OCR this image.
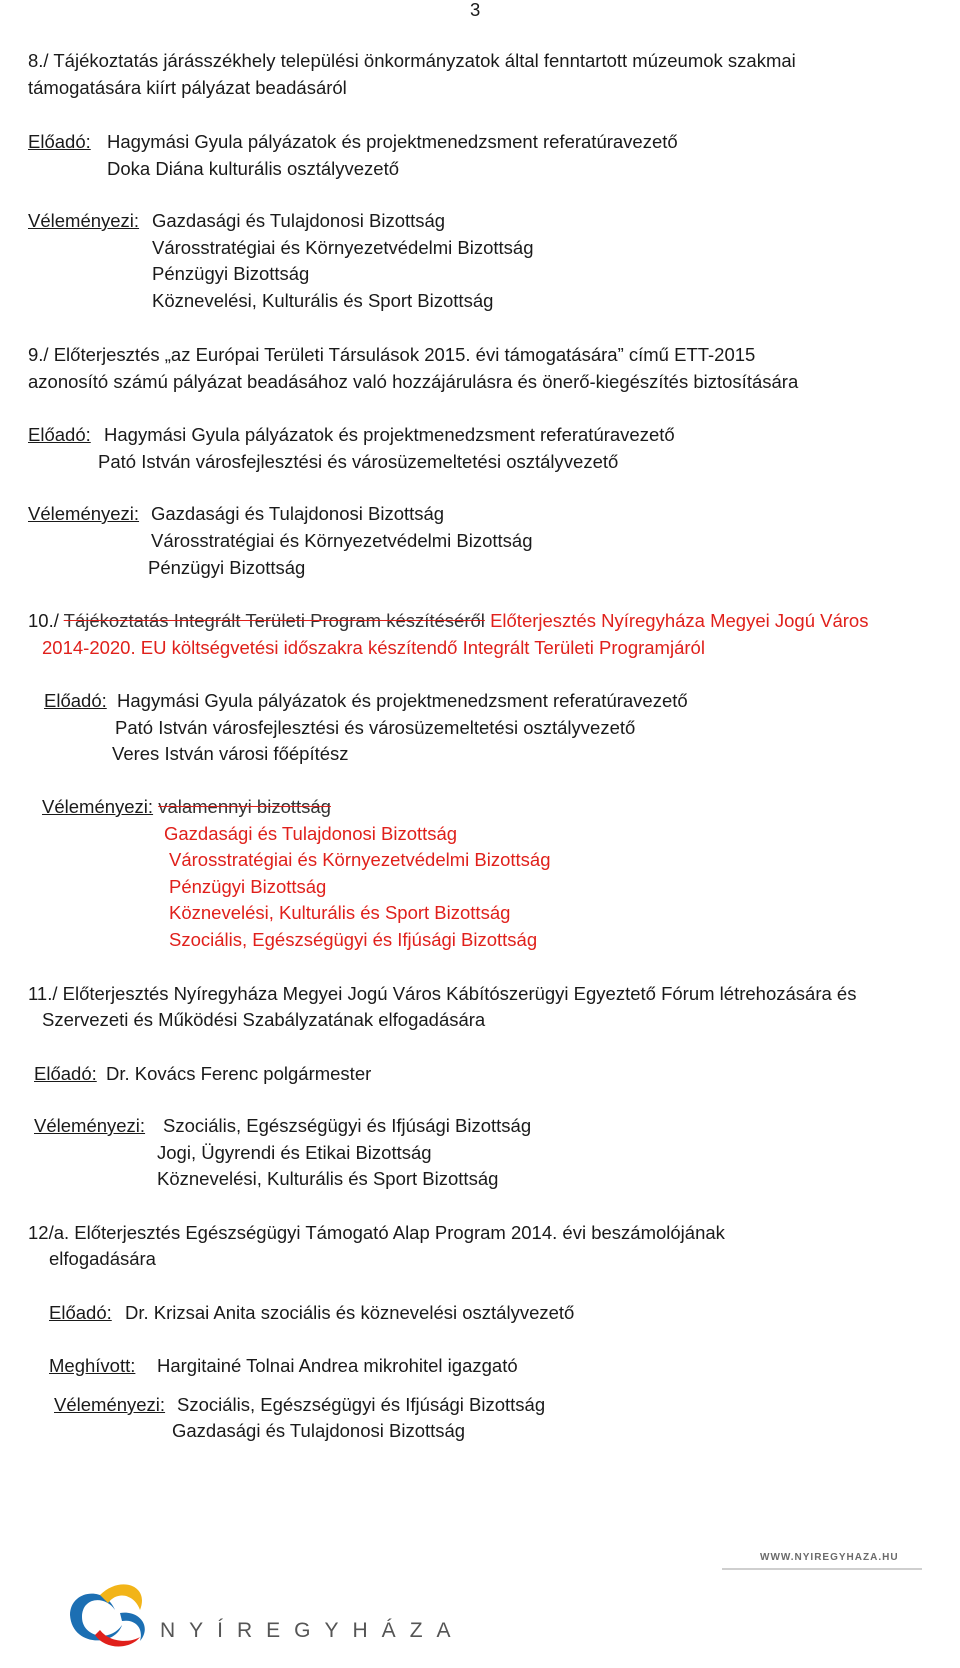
3
8./ Tájékoztatás járásszékhely települési önkormányzatok által fenntartott múzeumok szakmai
támogatására kiírt pályázat beadásáról
Előadó: Hagymási Gyula pályázatok és projektmenedzsment referatúravezető
Doka Diána kulturális osztályvezető
Véleményezi: Gazdasági és Tulajdonosi Bizottság
Városstratégiai és Környezetvédelmi Bizottság
Pénzügyi Bizottság
Köznevelési, Kulturális és Sport Bizottság
9./ Előterjesztés „az Európai Területi Társulások 2015. évi támogatására” című ETT-2015
azonosító számú pályázat beadásához való hozzájárulásra és önerő-kiegészítés biztosítására
Előadó: Hagymási Gyula pályázatok és projektmenedzsment referatúravezető
Pató István városfejlesztési és városüzemeltetési osztályvezető
Véleményezi: Gazdasági és Tulajdonosi Bizottság
Városstratégiai és Környezetvédelmi Bizottság
Pénzügyi Bizottság
10./ Tájékoztatás Integrált Területi Program készítéséről Előterjesztés Nyíregyháza Megyei Jogú Város
2014-2020. EU költségvetési időszakra készítendő Integrált Területi Programjáról
Előadó: Hagymási Gyula pályázatok és projektmenedzsment referatúravezető
Pató István városfejlesztési és városüzemeltetési osztályvezető
Veres István városi főépítész
Véleményezi: valamennyi bizottság
Gazdasági és Tulajdonosi Bizottság
Városstratégiai és Környezetvédelmi Bizottság
Pénzügyi Bizottság
Köznevelési, Kulturális és Sport Bizottság
Szociális, Egészségügyi és Ifjúsági Bizottság
11./ Előterjesztés Nyíregyháza Megyei Jogú Város Kábítószerügyi Egyeztető Fórum létrehozására és
Szervezeti és Működési Szabályzatának elfogadására
Előadó: Dr. Kovács Ferenc polgármester
Véleményezi: Szociális, Egészségügyi és Ifjúsági Bizottság
Jogi, Ügyrendi és Etikai Bizottság
Köznevelési, Kulturális és Sport Bizottság
12/a. Előterjesztés Egészségügyi Támogató Alap Program 2014. évi beszámolójának
elfogadására
Előadó: Dr. Krizsai Anita szociális és köznevelési osztályvezető
Meghívott: Hargitainé Tolnai Andrea mikrohitel igazgató
Véleményezi: Szociális, Egészségügyi és Ifjúsági Bizottság
Gazdasági és Tulajdonosi Bizottság
WWW.NYIREGYHAZA.HU
NYÍREGYHÁZA
